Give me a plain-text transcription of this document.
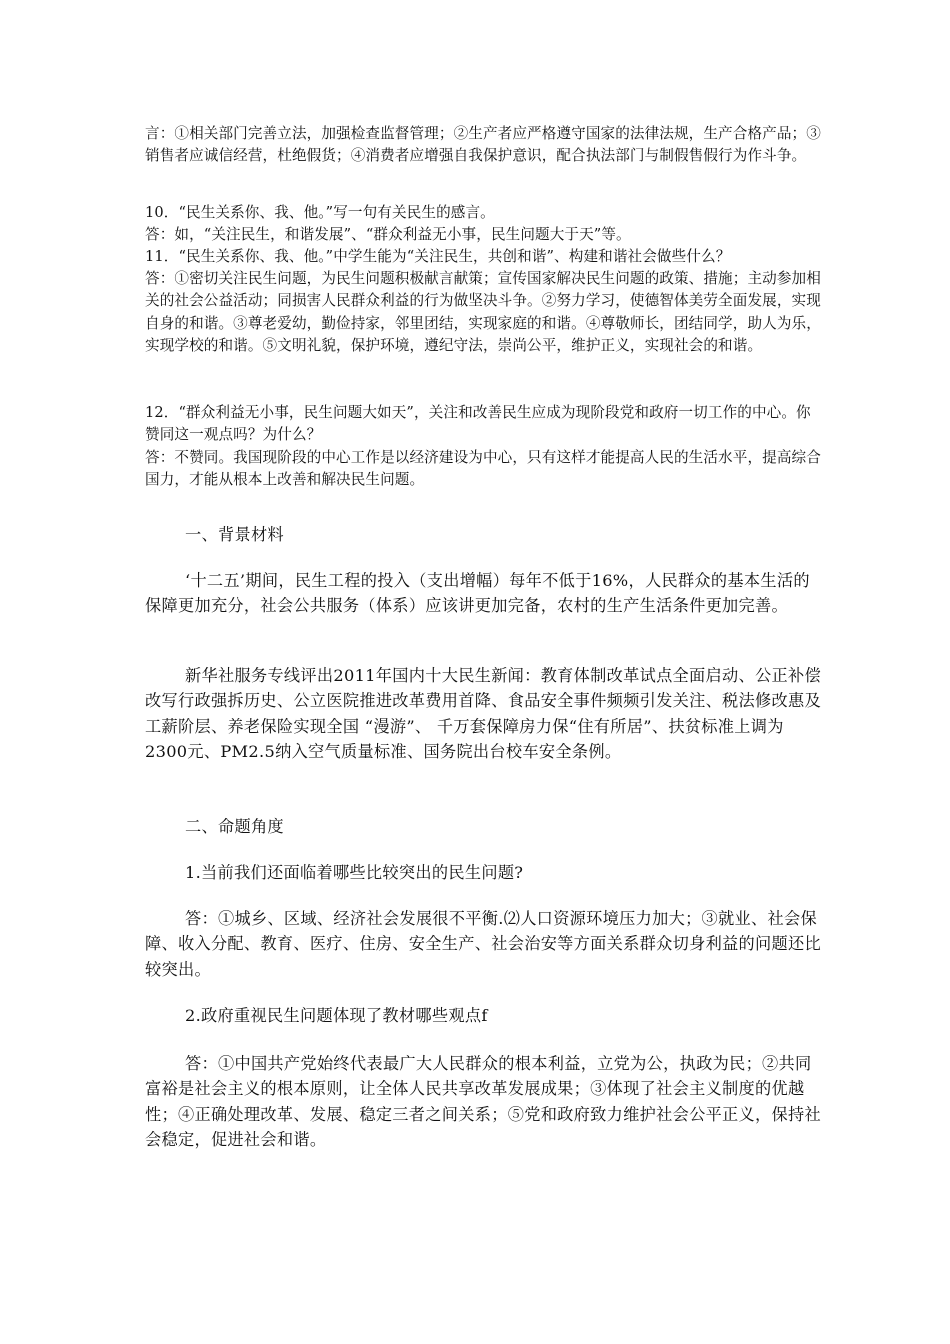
言：①相关部门完善立法，加强检查监督管理；②生产者应严格遵守国家的法律法规，生产合格产品；③销售者应诚信经营，杜绝假货；④消费者应增强自我保护意识，配合执法部门与制假售假行为作斗争。

10．“民生关系你、我、他。”写一句有关民生的感言。

答：如，“关注民生，和谐发展”、“群众利益无小事，民生问题大于天”等。

11．“民生关系你、我、他。”中学生能为“关注民生，共创和谐”、构建和谐社会做些什么？

答：①密切关注民生问题，为民生问题积极献言献策；宣传国家解决民生问题的政策、措施；主动参加相关的社会公益活动；同损害人民群众利益的行为做坚决斗争。②努力学习，使德智体美劳全面发展，实现自身的和谐。③尊老爱幼，勤俭持家，邻里团结，实现家庭的和谐。④尊敬师长，团结同学，助人为乐，实现学校的和谐。⑤文明礼貌，保护环境，遵纪守法，崇尚公平，维护正义，实现社会的和谐。

12．“群众利益无小事，民生问题大如天”，关注和改善民生应成为现阶段党和政府一切工作的中心。你赞同这一观点吗？为什么？

答：不赞同。我国现阶段的中心工作是以经济建设为中心，只有这样才能提高人民的生活水平，提高综合国力，才能从根本上改善和解决民生问题。

一、背景材料

‘十二五’期间，民生工程的投入（支出增幅）每年不低于16%，人民群众的基本生活的保障更加充分，社会公共服务（体系）应该讲更加完备，农村的生产生活条件更加完善。

新华社服务专线评出2011年国内十大民生新闻：教育体制改革试点全面启动、公正补偿改写行政强拆历史、公立医院推进改革费用首降、食品安全事件频频引发关注、税法修改惠及工薪阶层、养老保险实现全国 “漫游”、 千万套保障房力保“住有所居”、扶贫标准上调为2300元、PM2.5纳入空气质量标准、国务院出台校车安全条例。

二、命题角度

1.当前我们还面临着哪些比较突出的民生问题?

答：①城乡、区域、经济社会发展很不平衡.⑵人口资源环境压力加大；③就业、社会保障、收入分配、教育、医疗、住房、安全生产、社会治安等方面关系群众切身利益的问题还比较突出。

2.政府重视民生问题体现了教材哪些观点f

答：①中国共产党始终代表最广大人民群众的根本利益，立党为公，执政为民；②共同富裕是社会主义的根本原则，让全体人民共享改革发展成果；③体现了社会主义制度的优越性；④正确处理改革、发展、稳定三者之间关系；⑤党和政府致力维护社会公平正义，保持社会稳定，促进社会和谐。
